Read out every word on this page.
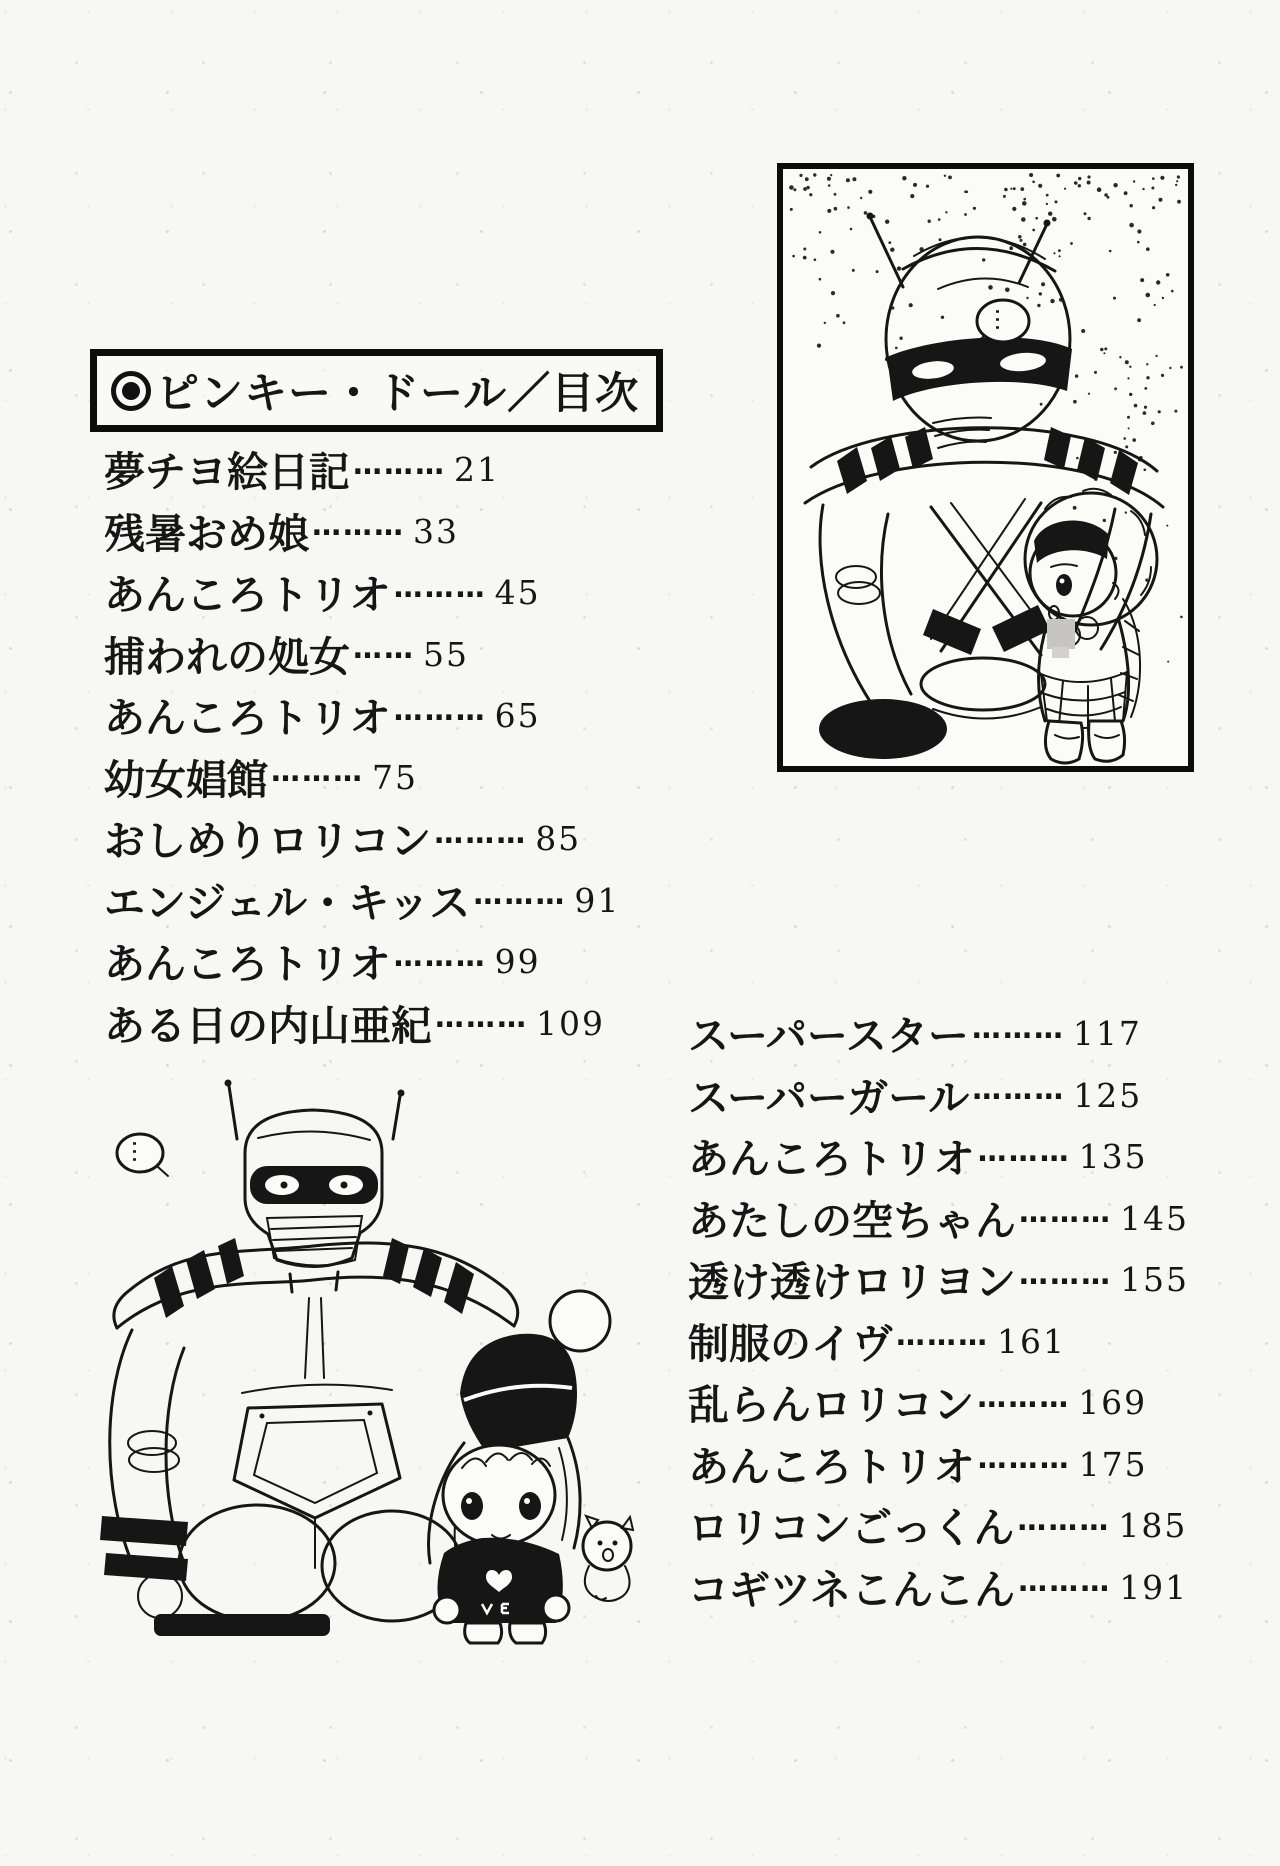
ピンキー・ドール／目次
夢チヨ絵日記 ……… 21
残暑おめ娘 ……… 33
あんころトリオ ……… 45
捕われの処女 …… 55
あんころトリオ ……… 65
幼女娼館 ……… 75
おしめりロリコン ……… 85
エンジェル・キッス ……… 91
あんころトリオ ……… 99
ある日の内山亜紀 ……… 109 スーパースター ……… 117
スーパーガール ……… 125
あんころトリオ ……… 135
あたしの空ちゃん ……… 145
透け透けロリヨン ……… 155
制服のイヴ ……… 161
乱らんロリコン ……… 169
あんころトリオ ……… 175
ロリコンごっくん ……… 185
コギツネこんこん ……… 191
…
…
